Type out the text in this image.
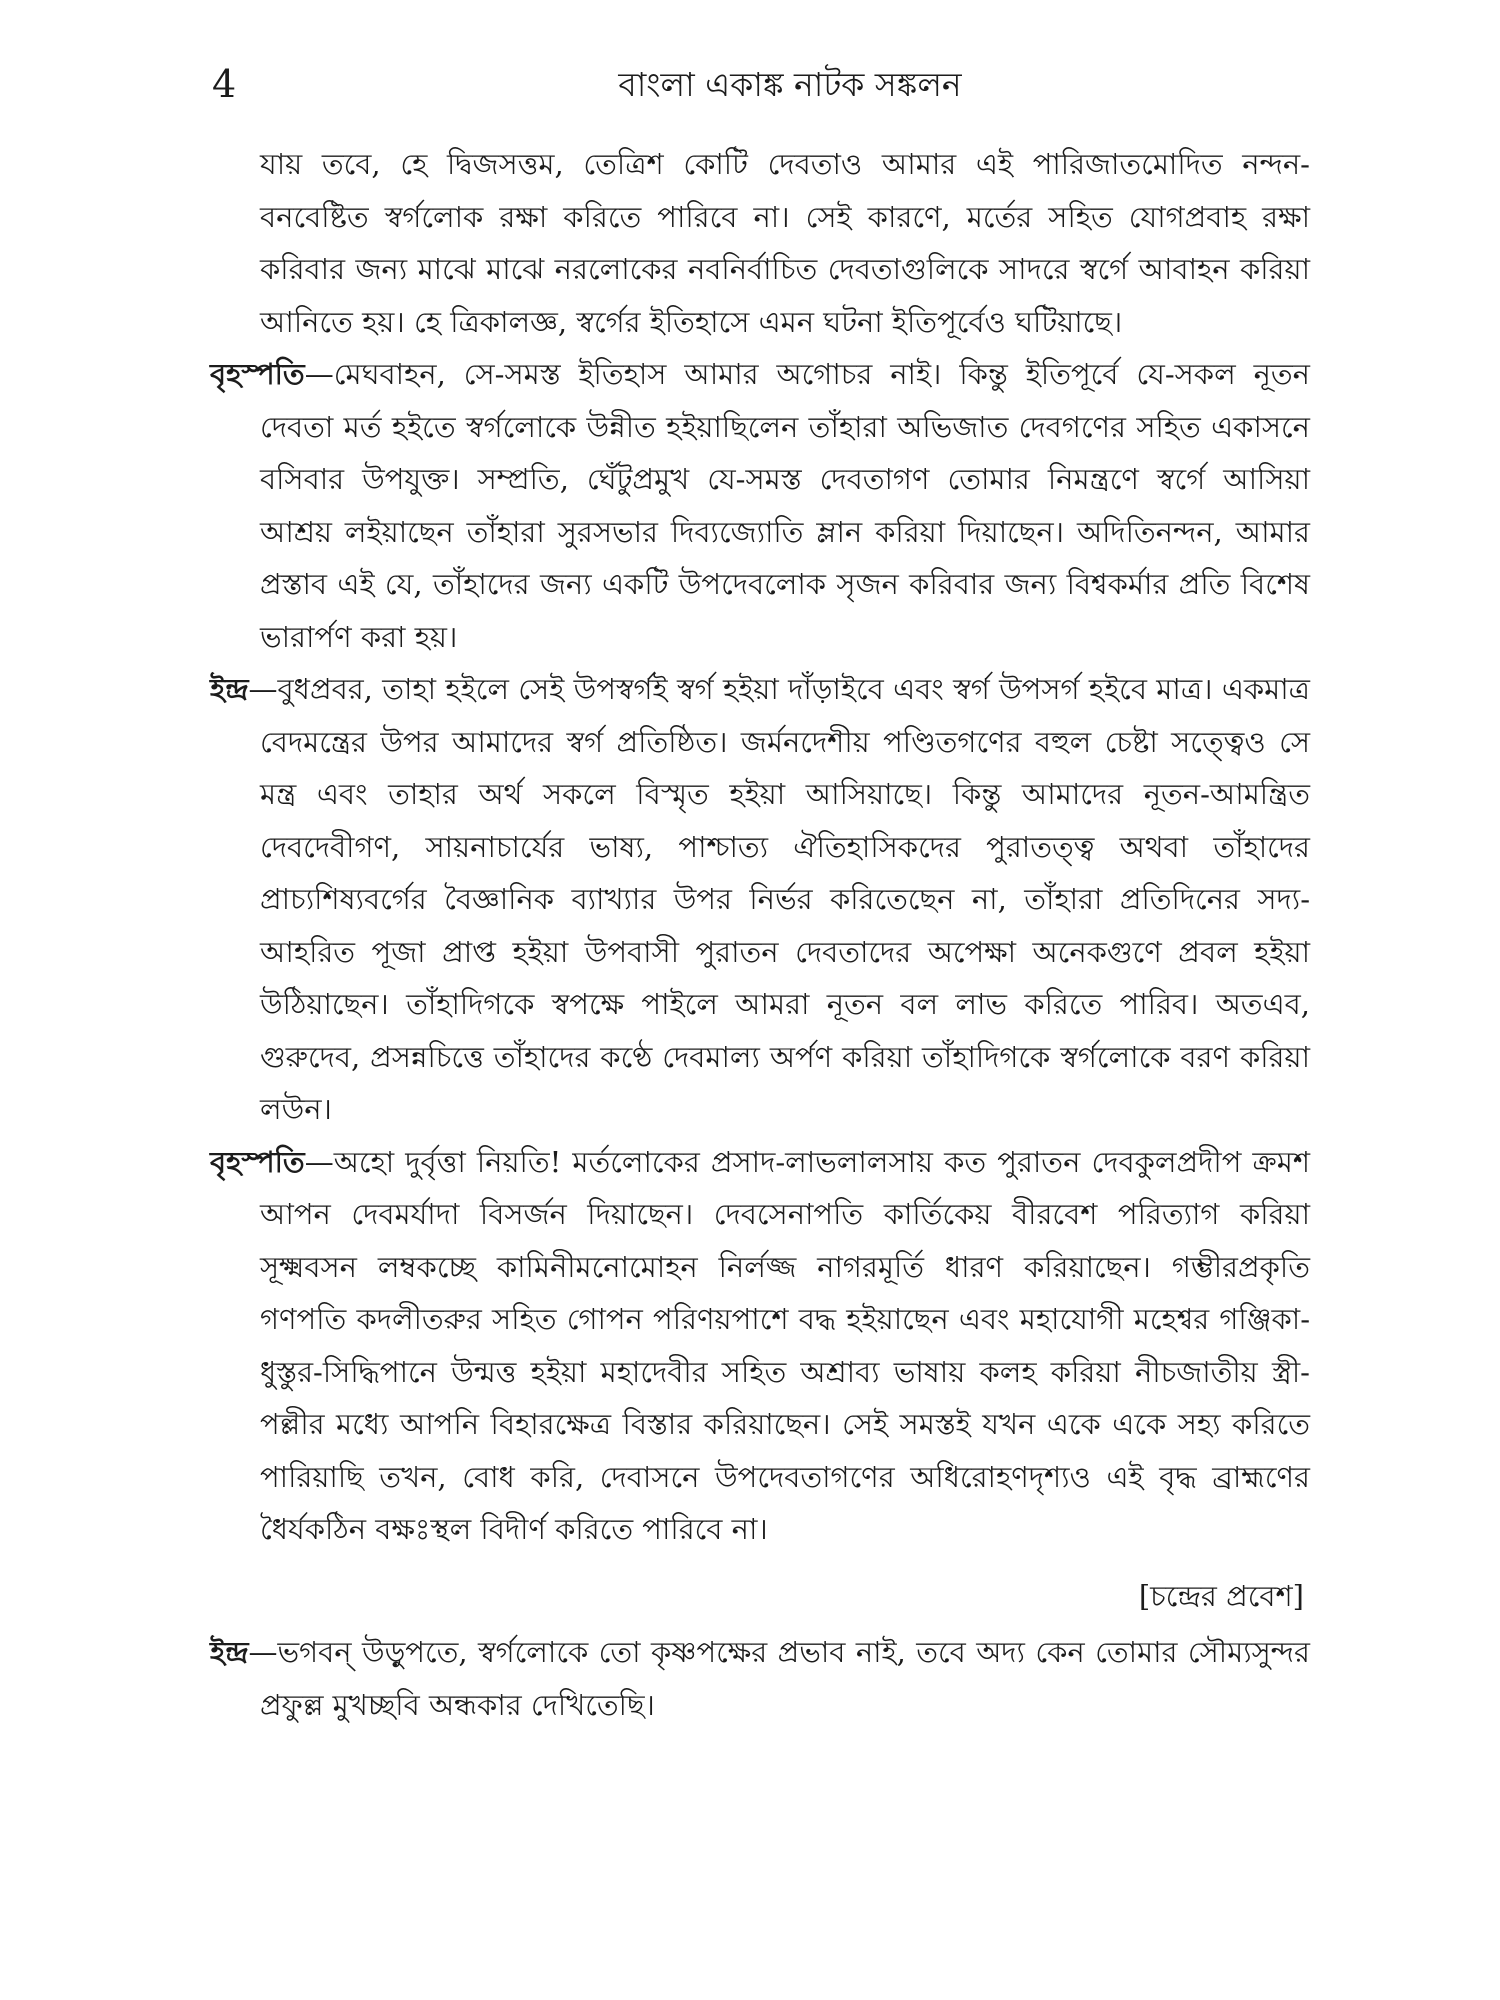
4	বাংলা একাঙ্ক নাটক সঙ্কলন

যায় তবে, হে দ্বিজসত্তম, তেত্রিশ কোটি দেবতাও আমার এই পারিজাতমোদিত নন্দন-বনবেষ্টিত স্বর্গলোক রক্ষা করিতে পারিবে না। সেই কারণে, মর্তের সহিত যোগপ্রবাহ রক্ষা করিবার জন্য মাঝে মাঝে নরলোকের নবনির্বাচিত দেবতাগুলিকে সাদরে স্বর্গে আবাহন করিয়া আনিতে হয়। হে ত্রিকালজ্ঞ, স্বর্গের ইতিহাসে এমন ঘটনা ইতিপূর্বেও ঘটিয়াছে।

বৃহস্পতি—মেঘবাহন, সে-সমস্ত ইতিহাস আমার অগোচর নাই। কিন্তু ইতিপূর্বে যে-সকল নূতন দেবতা মর্ত হইতে স্বর্গলোকে উন্নীত হইয়াছিলেন তাঁহারা অভিজাত দেবগণের সহিত একাসনে বসিবার উপযুক্ত। সম্প্রতি, ঘেঁটুপ্রমুখ যে-সমস্ত দেবতাগণ তোমার নিমন্ত্রণে স্বর্গে আসিয়া আশ্রয় লইয়াছেন তাঁহারা সুরসভার দিব্যজ্যোতি ম্লান করিয়া দিয়াছেন। অদিতিনন্দন, আমার প্রস্তাব এই যে, তাঁহাদের জন্য একটি উপদেবলোক সৃজন করিবার জন্য বিশ্বকর্মার প্রতি বিশেষ ভারার্পণ করা হয়।

ইন্দ্র—বুধপ্রবর, তাহা হইলে সেই উপস্বর্গই স্বর্গ হইয়া দাঁড়াইবে এবং স্বর্গ উপসর্গ হইবে মাত্র। একমাত্র বেদমন্ত্রের উপর আমাদের স্বর্গ প্রতিষ্ঠিত। জর্মনদেশীয় পণ্ডিতগণের বহুল চেষ্টা সত্ত্বেও সে মন্ত্র এবং তাহার অর্থ সকলে বিস্মৃত হইয়া আসিয়াছে। কিন্তু আমাদের নূতন-আমন্ত্রিত দেবদেবীগণ, সায়নাচার্যের ভাষ্য, পাশ্চাত্য ঐতিহাসিকদের পুরাতত্ত্ব অথবা তাঁহাদের প্রাচ্যশিষ্যবর্গের বৈজ্ঞানিক ব্যাখ্যার উপর নির্ভর করিতেছেন না, তাঁহারা প্রতিদিনের সদ্য-আহরিত পূজা প্রাপ্ত হইয়া উপবাসী পুরাতন দেবতাদের অপেক্ষা অনেকগুণে প্রবল হইয়া উঠিয়াছেন। তাঁহাদিগকে স্বপক্ষে পাইলে আমরা নূতন বল লাভ করিতে পারিব। অতএব, গুরুদেব, প্রসন্নচিত্তে তাঁহাদের কণ্ঠে দেবমাল্য অর্পণ করিয়া তাঁহাদিগকে স্বর্গলোকে বরণ করিয়া লউন।

বৃহস্পতি—অহো দুর্বৃত্তা নিয়তি! মর্তলোকের প্রসাদ-লাভলালসায় কত পুরাতন দেবকুলপ্রদীপ ক্রমশ আপন দেবমর্যাদা বিসর্জন দিয়াছেন। দেবসেনাপতি কার্তিকেয় বীরবেশ পরিত্যাগ করিয়া সূক্ষ্মবসন লম্বকচ্ছে কামিনীমনোমোহন নির্লজ্জ নাগরমূর্তি ধারণ করিয়াছেন। গম্ভীরপ্রকৃতি গণপতি কদলীতরুর সহিত গোপন পরিণয়পাশে বদ্ধ হইয়াছেন এবং মহাযোগী মহেশ্বর গঞ্জিকা-ধুস্তুর-সিদ্ধিপানে উন্মত্ত হইয়া মহাদেবীর সহিত অশ্রাব্য ভাষায় কলহ করিয়া নীচজাতীয় স্ত্রী-পল্লীর মধ্যে আপনি বিহারক্ষেত্র বিস্তার করিয়াছেন। সেই সমস্তই যখন একে একে সহ্য করিতে পারিয়াছি তখন, বোধ করি, দেবাসনে উপদেবতাগণের অধিরোহণদৃশ্যও এই বৃদ্ধ ব্রাহ্মণের ধৈর্যকঠিন বক্ষঃস্থল বিদীর্ণ করিতে পারিবে না।

[চন্দ্রের প্রবেশ]

ইন্দ্র—ভগবন্ উড়ুপতে, স্বর্গলোকে তো কৃষ্ণপক্ষের প্রভাব নাই, তবে অদ্য কেন তোমার সৌম্যসুন্দর প্রফুল্ল মুখচ্ছবি অন্ধকার দেখিতেছি।
